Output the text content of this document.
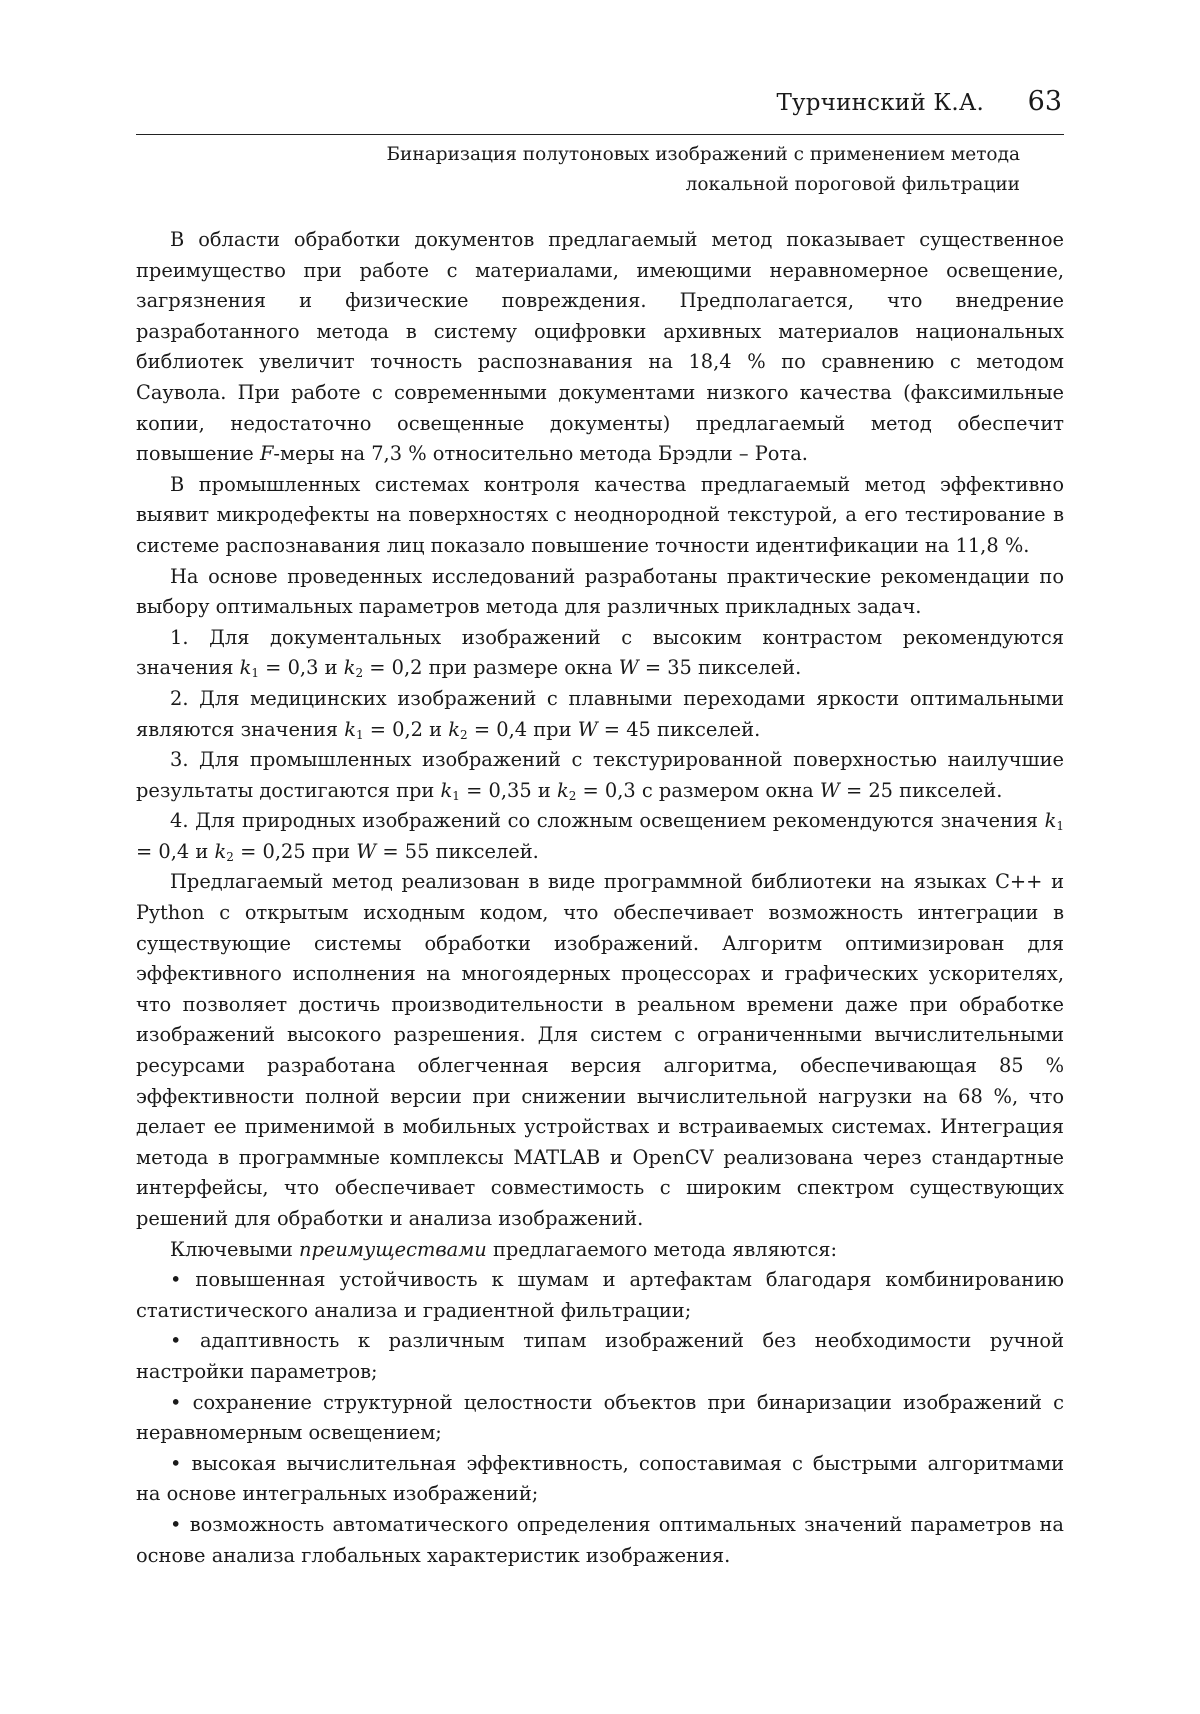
Турчинский К.А. 63
Бинаризация полутоновых изображений с применением метода
локальной пороговой фильтрации

В области обработки документов предлагаемый метод показывает существенное преимущество при работе с материалами, имеющими неравномерное освещение, загрязнения и физические повреждения. Предполагается, что внедрение разработанного метода в систему оцифровки архивных материалов национальных библиотек увеличит точность распознавания на 18,4 % по сравнению с методом Саувола. При работе с современными документами низкого качества (факсимильные копии, недостаточно освещенные документы) предлагаемый метод обеспечит повышение F-меры на 7,3 % относительно метода Брэдли – Рота.

В промышленных системах контроля качества предлагаемый метод эффективно выявит микродефекты на поверхностях с неоднородной текстурой, а его тестирование в системе распознавания лиц показало повышение точности идентификации на 11,8 %.

На основе проведенных исследований разработаны практические рекомендации по выбору оптимальных параметров метода для различных прикладных задач.

1. Для документальных изображений с высоким контрастом рекомендуются значения $k_1 = 0,3$ и $k_2 = 0,2$ при размере окна W = 35 пикселей.

2. Для медицинских изображений с плавными переходами яркости оптимальными являются значения $k_1 = 0,2$ и $k_2 = 0,4$ при W = 45 пикселей.

3. Для промышленных изображений с текстурированной поверхностью наилучшие результаты достигаются при $k_1 = 0,35$ и $k_2 = 0,3$ с размером окна W = 25 пикселей.

4. Для природных изображений со сложным освещением рекомендуются значения $k_1 = 0,4$ и $k_2 = 0,25$ при W = 55 пикселей.

Предлагаемый метод реализован в виде программной библиотеки на языках C++ и Python с открытым исходным кодом, что обеспечивает возможность интеграции в существующие системы обработки изображений. Алгоритм оптимизирован для эффективного исполнения на многоядерных процессорах и графических ускорителях, что позволяет достичь производительности в реальном времени даже при обработке изображений высокого разрешения. Для систем с ограниченными вычислительными ресурсами разработана облегченная версия алгоритма, обеспечивающая 85 % эффективности полной версии при снижении вычислительной нагрузки на 68 %, что делает ее применимой в мобильных устройствах и встраиваемых системах. Интеграция метода в программные комплексы MATLAB и OpenCV реализована через стандартные интерфейсы, что обеспечивает совместимость с широким спектром существующих решений для обработки и анализа изображений.

Ключевыми преимуществами предлагаемого метода являются:

• повышенная устойчивость к шумам и артефактам благодаря комбинированию статистического анализа и градиентной фильтрации;

• адаптивность к различным типам изображений без необходимости ручной настройки параметров;

• сохранение структурной целостности объектов при бинаризации изображений с неравномерным освещением;

• высокая вычислительная эффективность, сопоставимая с быстрыми алгоритмами на основе интегральных изображений;

• возможность автоматического определения оптимальных значений параметров на основе анализа глобальных характеристик изображения.
